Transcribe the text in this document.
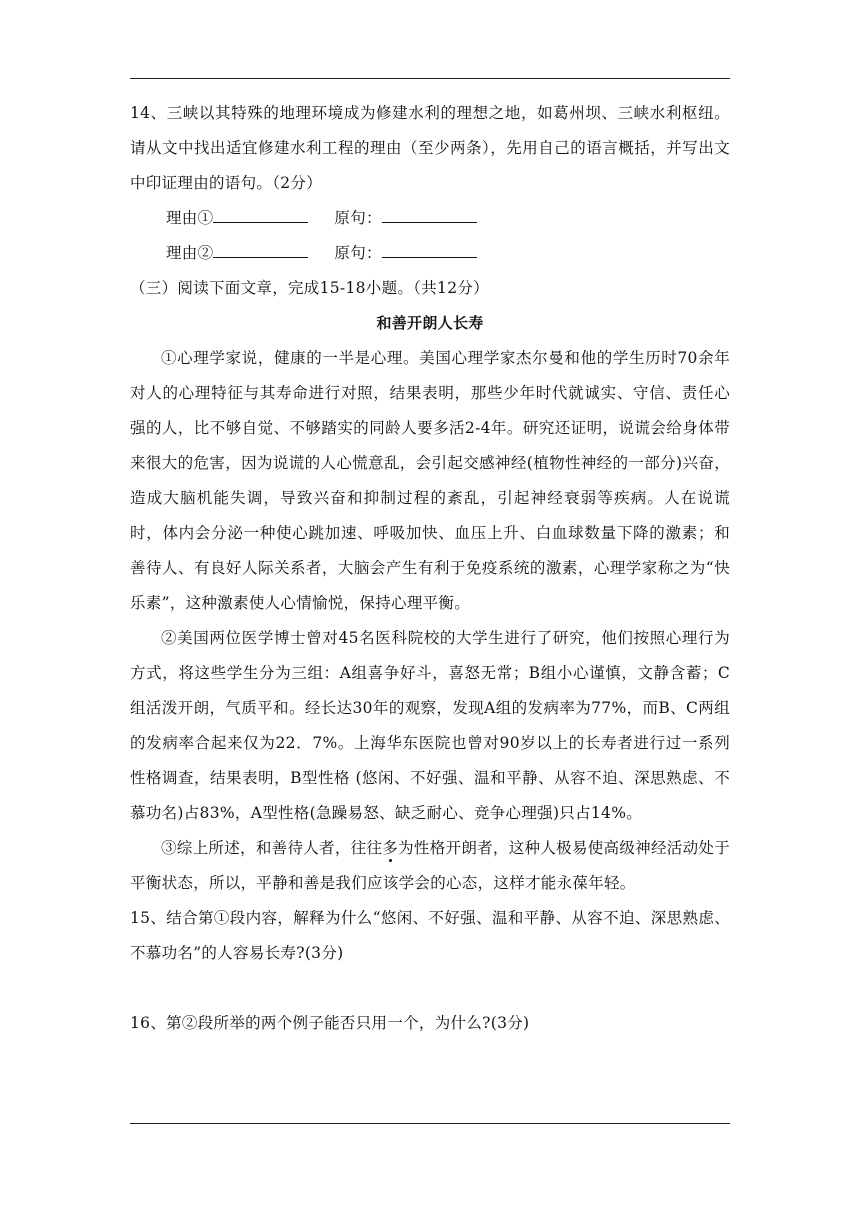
14、三峡以其特殊的地理环境成为修建水利的理想之地，如葛州坝、三峡水利枢纽。请从文中找出适宜修建水利工程的理由（至少两条），先用自己的语言概括，并写出文中印证理由的语句。（2分）

理由①	原句：
理由②	原句：

（三）阅读下面文章，完成15-18小题。（共12分）

和善开朗人长寿

①心理学家说，健康的一半是心理。美国心理学家杰尔曼和他的学生历时70余年对人的心理特征与其寿命进行对照，结果表明，那些少年时代就诚实、守信、责任心强的人，比不够自觉、不够踏实的同龄人要多活2-4年。研究还证明，说谎会给身体带来很大的危害，因为说谎的人心慌意乱，会引起交感神经(植物性神经的一部分)兴奋，造成大脑机能失调，导致兴奋和抑制过程的紊乱，引起神经衰弱等疾病。人在说谎时，体内会分泌一种使心跳加速、呼吸加快、血压上升、白血球数量下降的激素；和善待人、有良好人际关系者，大脑会产生有利于免疫系统的激素，心理学家称之为“快乐素”，这种激素使人心情愉悦，保持心理平衡。

②美国两位医学博士曾对45名医科院校的大学生进行了研究，他们按照心理行为方式，将这些学生分为三组：A组喜争好斗，喜怒无常；B组小心谨慎，文静含蓄；C组活泼开朗，气质平和。经长达30年的观察，发现A组的发病率为77%，而B、C两组的发病率合起来仅为22．7%。上海华东医院也曾对90岁以上的长寿者进行过一系列性格调查，结果表明，B型性格 (悠闲、不好强、温和平静、从容不迫、深思熟虑、不慕功名)占83%，A型性格(急躁易怒、缺乏耐心、竞争心理强)只占14%。

③综上所述，和善待人者，往往多为性格开朗者，这种人极易使高级神经活动处于平衡状态，所以，平静和善是我们应该学会的心态，这样才能永葆年轻。

15、结合第①段内容，解释为什么“悠闲、不好强、温和平静、从容不迫、深思熟虑、不慕功名”的人容易长寿?(3分)

16、第②段所举的两个例子能否只用一个，为什么?(3分)
